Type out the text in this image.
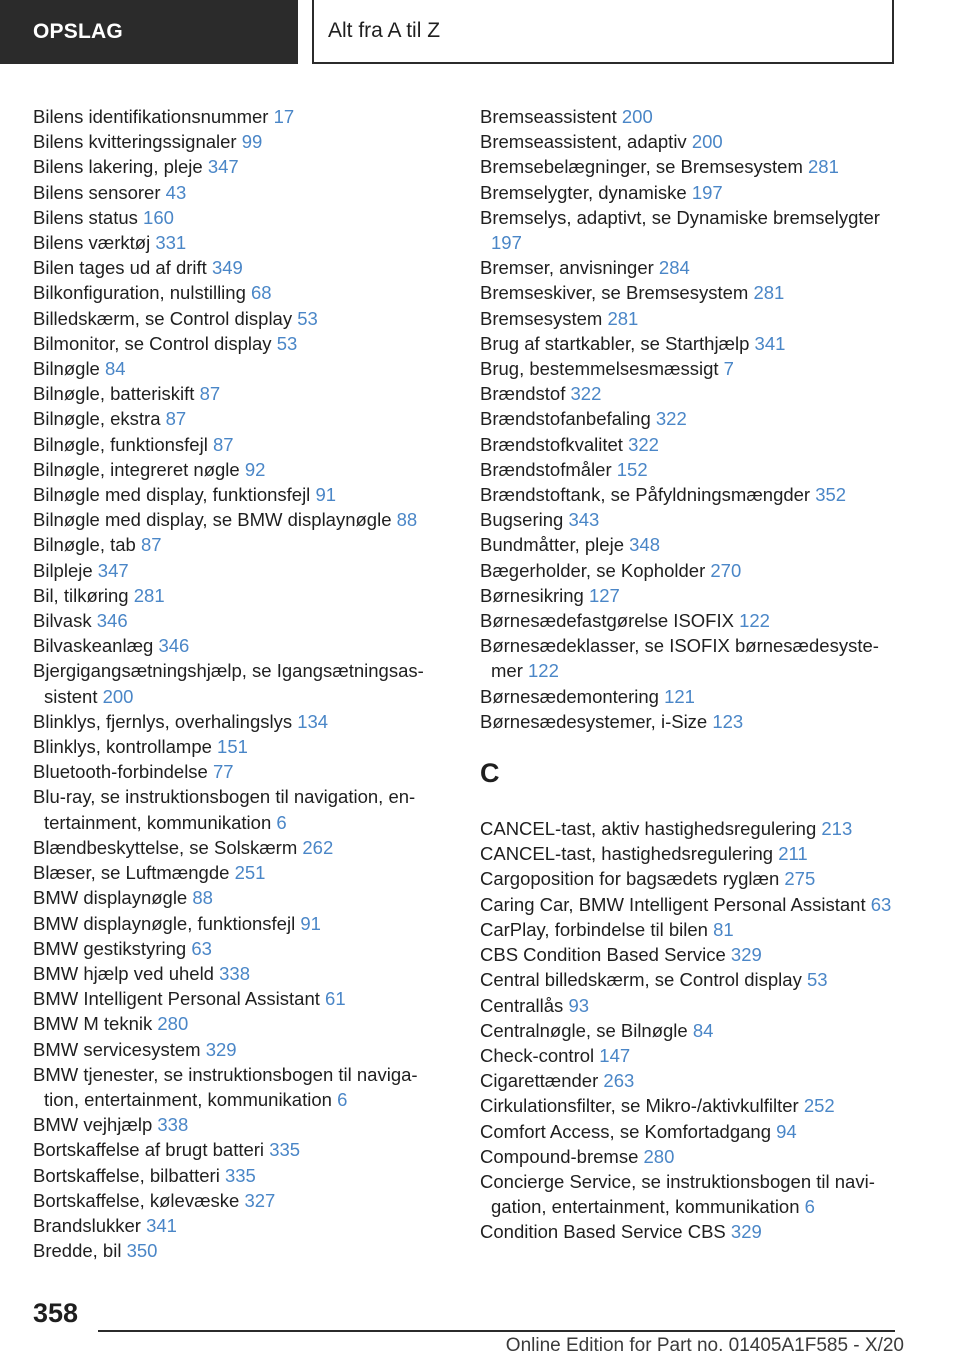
OPSLAG	Alt fra A til Z
Bilens identifikationsnummer 17
Bilens kvitteringssignaler 99
Bilens lakering, pleje 347
Bilens sensorer 43
Bilens status 160
Bilens værktøj 331
Bilen tages ud af drift 349
Bilkonfiguration, nulstilling 68
Billedskærm, se Control display 53
Bilmonitor, se Control display 53
Bilnøgle 84
Bilnøgle, batteriskift 87
Bilnøgle, ekstra 87
Bilnøgle, funktionsfejl 87
Bilnøgle, integreret nøgle 92
Bilnøgle med display, funktionsfejl 91
Bilnøgle med display, se BMW displaynøgle 88
Bilnøgle, tab 87
Bilpleje 347
Bil, tilkøring 281
Bilvask 346
Bilvaskeanlæg 346
Bjergigangsætningshjælp, se Igangsætningsassistent 200
Blinklys, fjernlys, overhalingslys 134
Blinklys, kontrollampe 151
Bluetooth-forbindelse 77
Blu-ray, se instruktionsbogen til navigation, entertainment, kommunikation 6
Blændbeskyttelse, se Solskærm 262
Blæser, se Luftmængde 251
BMW displaynøgle 88
BMW displaynøgle, funktionsfejl 91
BMW gestikstyring 63
BMW hjælp ved uheld 338
BMW Intelligent Personal Assistant 61
BMW M teknik 280
BMW servicesystem 329
BMW tjenester, se instruktionsbogen til navigation, entertainment, kommunikation 6
BMW vejhjælp 338
Bortskaffelse af brugt batteri 335
Bortskaffelse, bilbatteri 335
Bortskaffelse, kølevæske 327
Brandslukker 341
Bredde, bil 350
Bremseassistent 200
Bremseassistent, adaptiv 200
Bremsebelægninger, se Bremsesystem 281
Bremselygter, dynamiske 197
Bremselys, adaptivt, se Dynamiske bremselygter 197
Bremser, anvisninger 284
Bremseskiver, se Bremsesystem 281
Bremsesystem 281
Brug af startkabler, se Starthjælp 341
Brug, bestemmelsesmæssigt 7
Brændstof 322
Brændstofanbefaling 322
Brændstofkvalitet 322
Brændstofmåler 152
Brændstoftank, se Påfyldningsmængder 352
Bugsering 343
Bundmåtter, pleje 348
Bægerholder, se Kopholder 270
Børnesikring 127
Børnesædefastgørelse ISOFIX 122
Børnesædeklasser, se ISOFIX børnesædesystemer 122
Børnesædemontering 121
Børnesædesystemer, i-Size 123
C
CANCEL-tast, aktiv hastighedsregulering 213
CANCEL-tast, hastighedsregulering 211
Cargoposition for bagsædets ryglæn 275
Caring Car, BMW Intelligent Personal Assistant 63
CarPlay, forbindelse til bilen 81
CBS Condition Based Service 329
Central billedskærm, se Control display 53
Centrallås 93
Centralnøgle, se Bilnøgle 84
Check-control 147
Cigarettænder 263
Cirkulationsfilter, se Mikro-/aktivkulfilter 252
Comfort Access, se Komfortadgang 94
Compound-bremse 280
Concierge Service, se instruktionsbogen til navigation, entertainment, kommunikation 6
Condition Based Service CBS 329
358
Online Edition for Part no. 01405A1F585 - X/20
